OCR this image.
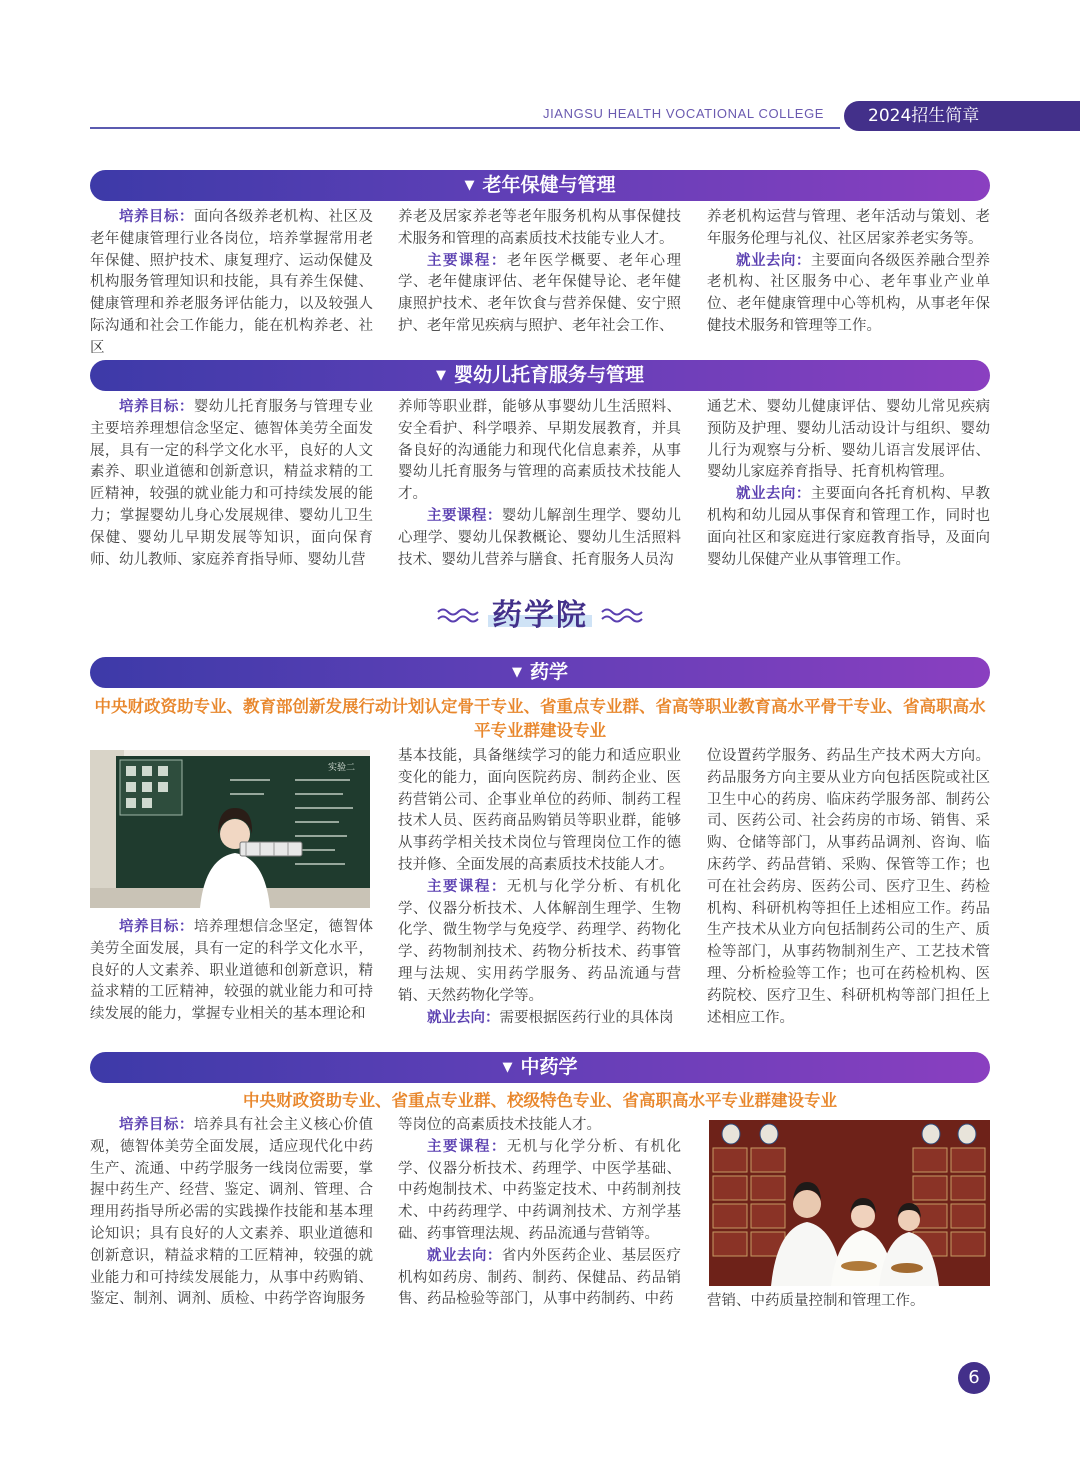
JIANGSU HEALTH VOCATIONAL COLLEGE	2024招生简章
▼ 老年保健与管理
培养目标：面向各级养老机构、社区及老年健康管理行业各岗位，培养掌握常用老年保健、照护技术、康复理疗、运动保健及机构服务管理知识和技能，具有养生保健、健康管理和养老服务评估能力，以及较强人际沟通和社会工作能力，能在机构养老、社区
养老及居家养老等老年服务机构从事保健技术服务和管理的高素质技术技能专业人才。
主要课程：老年医学概要、老年心理学、老年健康评估、老年保健导论、老年健康照护技术、老年饮食与营养保健、安宁照护、老年常见疾病与照护、老年社会工作、
养老机构运营与管理、老年活动与策划、老年服务伦理与礼仪、社区居家养老实务等。
就业去向：主要面向各级医养融合型养老机构、社区服务中心、老年事业产业单位、老年健康管理中心等机构，从事老年保健技术服务和管理等工作。
▼ 婴幼儿托育服务与管理
培养目标：婴幼儿托育服务与管理专业主要培养理想信念坚定、德智体美劳全面发展，具有一定的科学文化水平，良好的人文素养、职业道德和创新意识，精益求精的工匠精神，较强的就业能力和可持续发展的能力；掌握婴幼儿身心发展规律、婴幼儿卫生保健、婴幼儿早期发展等知识，面向保育师、幼儿教师、家庭养育指导师、婴幼儿营
养师等职业群，能够从事婴幼儿生活照料、安全看护、科学喂养、早期发展教育，并具备良好的沟通能力和现代化信息素养，从事婴幼儿托育服务与管理的高素质技术技能人才。
主要课程：婴幼儿解剖生理学、婴幼儿心理学、婴幼儿保教概论、婴幼儿生活照料技术、婴幼儿营养与膳食、托育服务人员沟
通艺术、婴幼儿健康评估、婴幼儿常见疾病预防及护理、婴幼儿活动设计与组织、婴幼儿行为观察与分析、婴幼儿语言发展评估、婴幼儿家庭养育指导、托育机构管理。
就业去向：主要面向各托育机构、早教机构和幼儿园从事保育和管理工作，同时也面向社区和家庭进行家庭教育指导，及面向婴幼儿保健产业从事管理工作。
药学院
▼ 药学
中央财政资助专业、教育部创新发展行动计划认定骨干专业、省重点专业群、省高等职业教育高水平骨干专业、省高职高水平专业群建设专业
实验二
培养目标：培养理想信念坚定，德智体美劳全面发展，具有一定的科学文化水平，良好的人文素养、职业道德和创新意识，精益求精的工匠精神，较强的就业能力和可持续发展的能力，掌握专业相关的基本理论和
基本技能，具备继续学习的能力和适应职业变化的能力，面向医院药房、制药企业、医药营销公司、企事业单位的药师、制药工程技术人员、医药商品购销员等职业群，能够从事药学相关技术岗位与管理岗位工作的德技并修、全面发展的高素质技术技能人才。
主要课程：无机与化学分析、有机化学、仪器分析技术、人体解剖生理学、生物化学、微生物学与免疫学、药理学、药物化学、药物制剂技术、药物分析技术、药事管理与法规、实用药学服务、药品流通与营销、天然药物化学等。
就业去向：需要根据医药行业的具体岗
位设置药学服务、药品生产技术两大方向。药品服务方向主要从业方向包括医院或社区卫生中心的药房、临床药学服务部、制药公司、医药公司、社会药房的市场、销售、采购、仓储等部门，从事药品调剂、咨询、临床药学、药品营销、采购、保管等工作；也可在社会药房、医药公司、医疗卫生、药检机构、科研机构等担任上述相应工作。药品生产技术从业方向包括制药公司的生产、质检等部门，从事药物制剂生产、工艺技术管理、分析检验等工作；也可在药检机构、医药院校、医疗卫生、科研机构等部门担任上述相应工作。
▼ 中药学
中央财政资助专业、省重点专业群、校级特色专业、省高职高水平专业群建设专业
培养目标：培养具有社会主义核心价值观，德智体美劳全面发展，适应现代化中药生产、流通、中药学服务一线岗位需要，掌握中药生产、经营、鉴定、调剂、管理、合理用药指导所必需的实践操作技能和基本理论知识；具有良好的人文素养、职业道德和创新意识，精益求精的工匠精神，较强的就业能力和可持续发展能力，从事中药购销、鉴定、制剂、调剂、质检、中药学咨询服务
等岗位的高素质技术技能人才。
主要课程：无机与化学分析、有机化学、仪器分析技术、药理学、中医学基础、中药炮制技术、中药鉴定技术、中药制剂技术、中药药理学、中药调剂技术、方剂学基础、药事管理法规、药品流通与营销等。
就业去向：省内外医药企业、基层医疗机构如药房、制药、制药、保健品、药品销售、药品检验等部门，从事中药制药、中药	营销、中药质量控制和管理工作。
6
